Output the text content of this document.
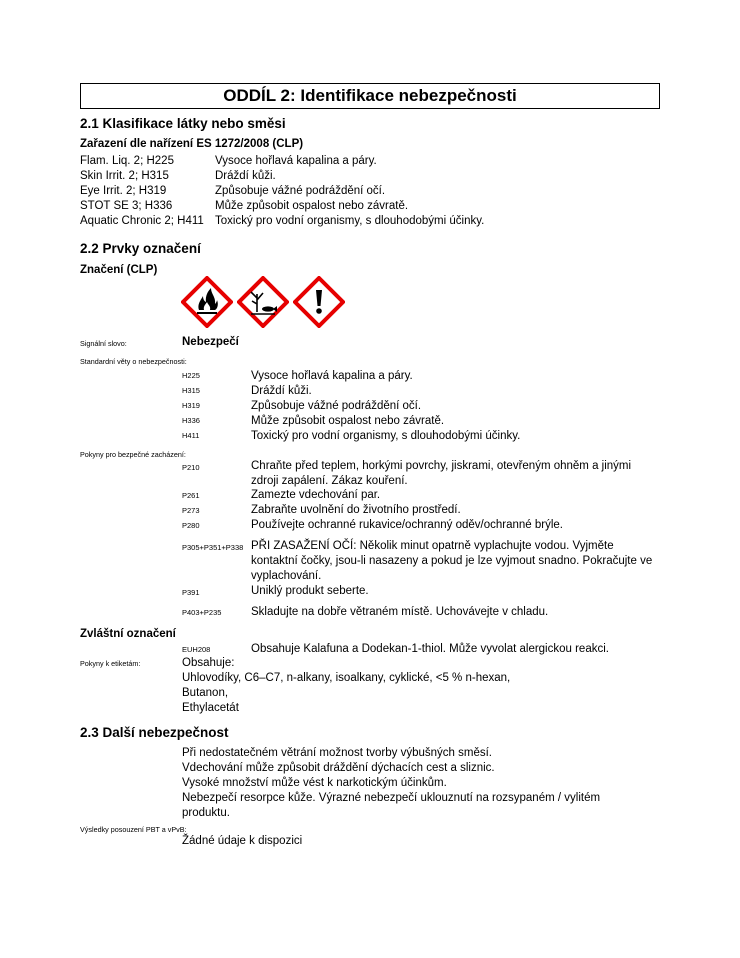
ODDÍL 2: Identifikace nebezpečnosti
2.1 Klasifikace látky nebo směsi
Zařazení dle nařízení ES 1272/2008 (CLP)
Flam. Liq. 2; H225	Vysoce hořlavá kapalina a páry.
Skin Irrit. 2; H315	Dráždí kůži.
Eye Irrit. 2; H319	Způsobuje vážné podráždění očí.
STOT SE 3; H336	Může způsobit ospalost nebo závratě.
Aquatic Chronic 2; H411 Toxický pro vodní organismy, s dlouhodobými účinky.
2.2 Prvky označení
Značení (CLP)
Signální slovo:	Nebezpečí
Standardní věty o nebezpečnosti:
H225	Vysoce hořlavá kapalina a páry.
H315	Dráždí kůži.
H319	Způsobuje vážné podráždění očí.
H336	Může způsobit ospalost nebo závratě.
H411	Toxický pro vodní organismy, s dlouhodobými účinky.
Pokyny pro bezpečné zacházení:
P210	Chraňte před teplem, horkými povrchy, jiskrami, otevřeným ohněm a jinými zdroji zapálení. Zákaz kouření.
P261	Zamezte vdechování par.
P273	Zabraňte uvolnění do životního prostředí.
P280	Používejte ochranné rukavice/ochranný oděv/ochranné brýle.
P305+P351+P338 PŘI ZASAŽENÍ OČÍ: Několik minut opatrně vyplachujte vodou. Vyjměte kontaktní čočky, jsou-li nasazeny a pokud je lze vyjmout snadno. Pokračujte ve vyplachování.
P391	Uniklý produkt seberte.
P403+P235	Skladujte na dobře větraném místě. Uchovávejte v chladu.
Zvláštní označení
EUH208	Obsahuje Kalafuna a Dodekan-1-thiol. Může vyvolat alergickou reakci.
Pokyny k etiketám:	Obsahuje:
Uhlovodíky, C6–C7, n-alkany, isoalkany, cyklické, <5 % n-hexan,
Butanon,
Ethylacetát
2.3 Další nebezpečnost
Při nedostatečném větrání možnost tvorby výbušných směsí.
Vdechování může způsobit dráždění dýchacích cest a sliznic.
Vysoké množství může vést k narkotickým účinkům.
Nebezpečí resorpce kůže. Výrazné nebezpečí uklouznutí na rozsypaném / vylitém produktu.
Výsledky posouzení PBT a vPvB:
Žádné údaje k dispozici
